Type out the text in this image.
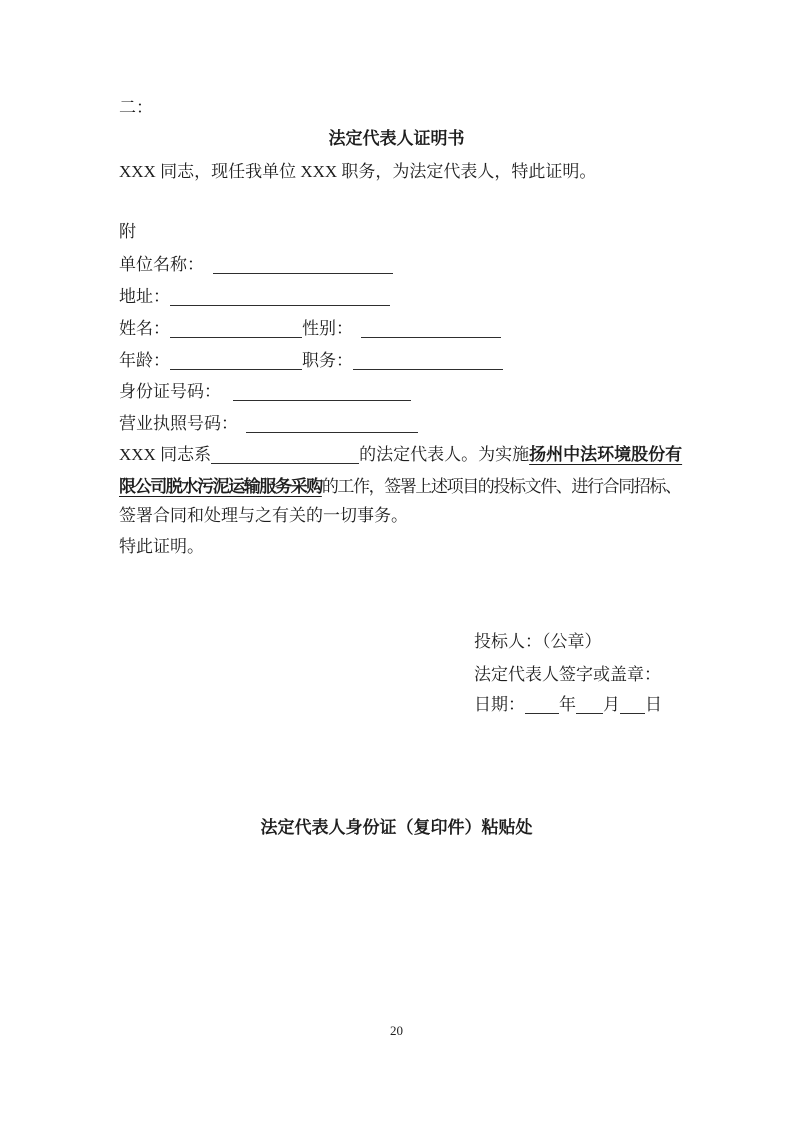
二：
法定代表人证明书
XXX 同志，现任我单位 XXX 职务，为法定代表人，特此证明。
附
单位名称：
地址：
姓名：	性别：
年龄：	职务：
身份证号码：
营业执照号码：
XXX 同志系	的法定代表人。为实施扬州中法环境股份有
限公司脱水污泥运输服务采购的工作，签署上述项目的投标文件、进行合同招标、
签署合同和处理与之有关的一切事务。
特此证明。
投标人：（公章）
法定代表人签字或盖章：
日期： 年 月 日
法定代表人身份证（复印件）粘贴处
20
